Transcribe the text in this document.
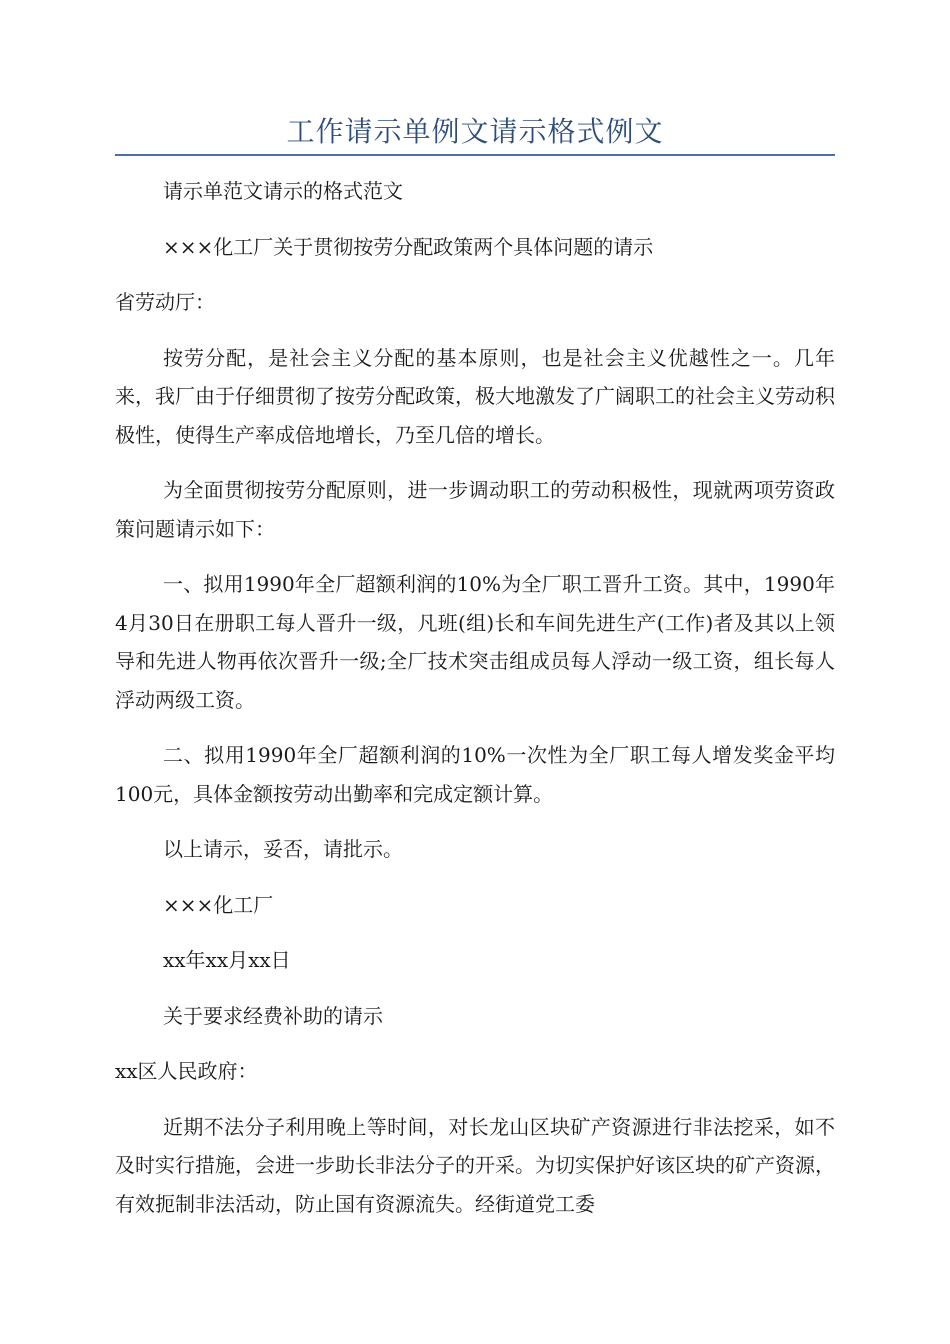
工作请示单例文请示格式例文

请示单范文请示的格式范文

×××化工厂关于贯彻按劳分配政策两个具体问题的请示

省劳动厅：

按劳分配，是社会主义分配的基本原则，也是社会主义优越性之一。几年来，我厂由于仔细贯彻了按劳分配政策，极大地激发了广阔职工的社会主义劳动积极性，使得生产率成倍地增长，乃至几倍的增长。

为全面贯彻按劳分配原则，进一步调动职工的劳动积极性，现就两项劳资政策问题请示如下：

一、拟用1990年全厂超额利润的10%为全厂职工晋升工资。其中，1990年4月30日在册职工每人晋升一级，凡班(组)长和车间先进生产(工作)者及其以上领导和先进人物再依次晋升一级;全厂技术突击组成员每人浮动一级工资，组长每人浮动两级工资。

二、拟用1990年全厂超额利润的10%一次性为全厂职工每人增发奖金平均100元，具体金额按劳动出勤率和完成定额计算。

以上请示，妥否，请批示。

×××化工厂

xx年xx月xx日

关于要求经费补助的请示

xx区人民政府：

近期不法分子利用晚上等时间，对长龙山区块矿产资源进行非法挖采，如不及时实行措施，会进一步助长非法分子的开采。为切实保护好该区块的矿产资源，有效扼制非法活动，防止国有资源流失。经街道党工委
